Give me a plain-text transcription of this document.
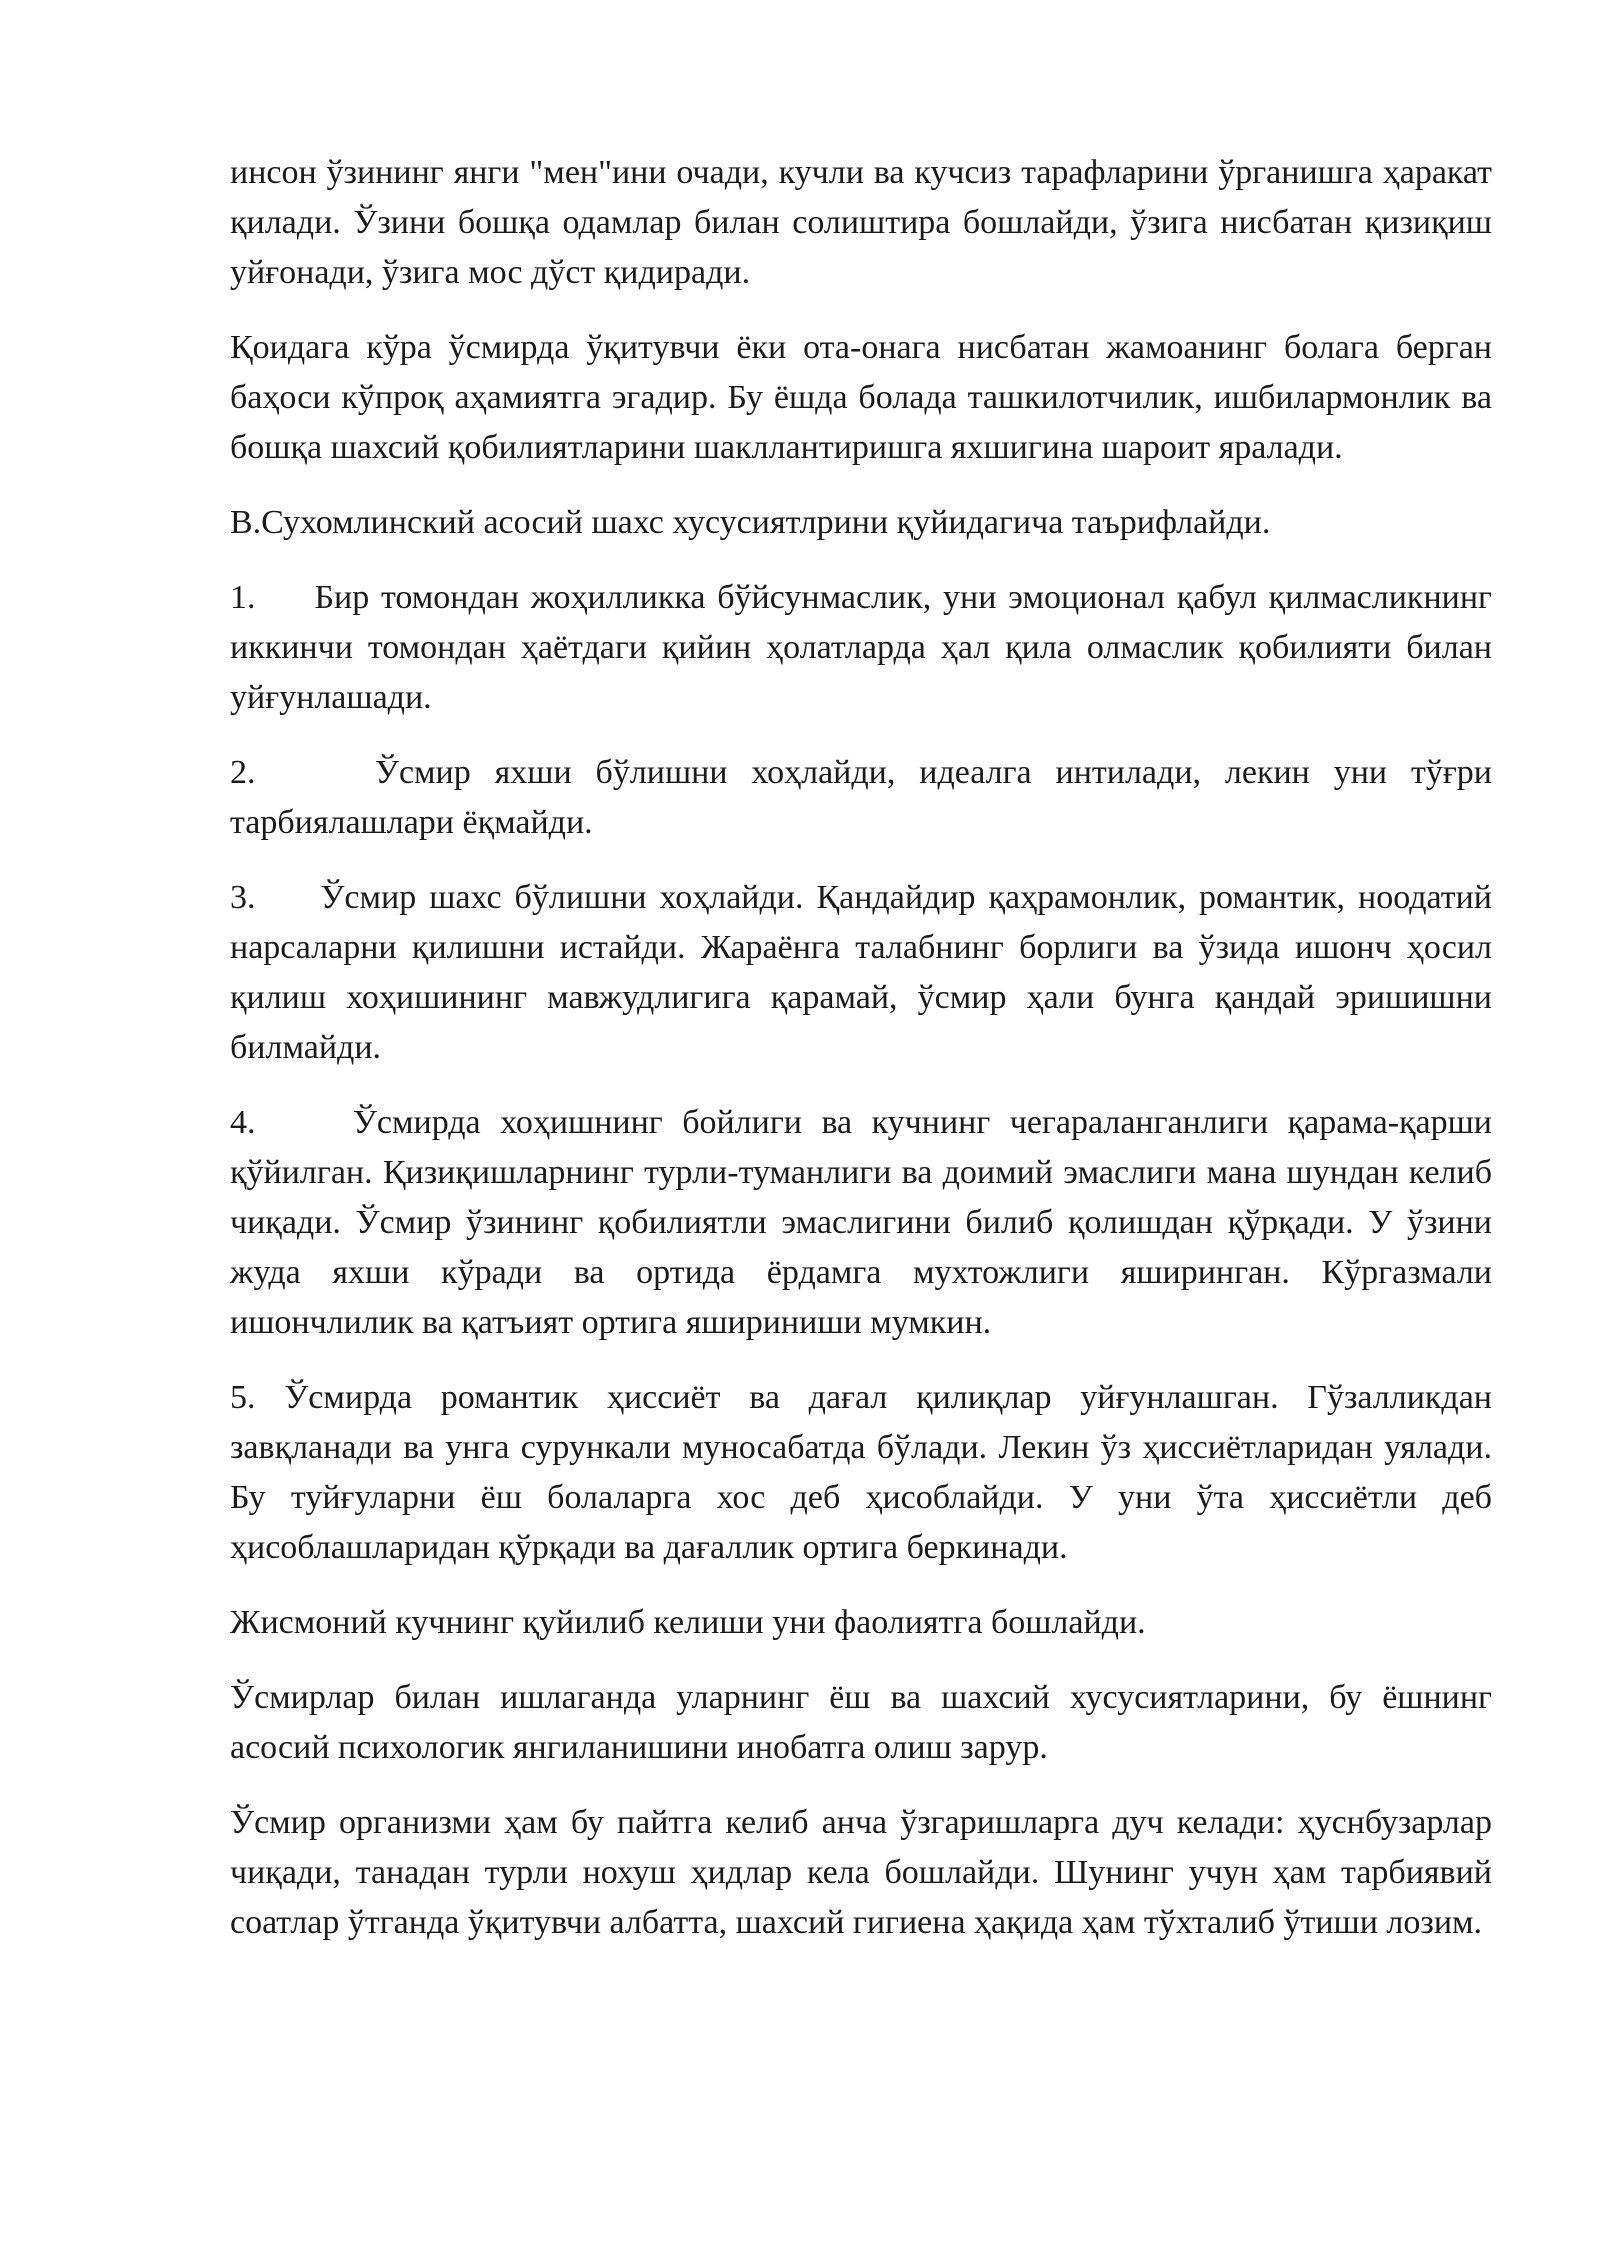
инсон ўзининг янги "мен"ини очади, кучли ва кучсиз тарафларини ўрганишга ҳаракат қилади. Ўзини бошқа одамлар билан солиштира бошлайди, ўзига нисбатан қизиқиш уйғонади, ўзига мос дўст қидиради.

Қоидага кўра ўсмирда ўқитувчи ёки ота-онага нисбатан жамоанинг болага берган баҳоси кўпроқ аҳамиятга эгадир. Бу ёшда болада ташкилотчилик, ишбилармонлик ва бошқа шахсий қобилиятларини шакллантиришга яхшигина шароит яралади.

В.Сухомлинский асосий шахс хусусиятлрини қуйидагича таърифлайди.

1.     Бир томондан жоҳилликка бўйсунмаслик, уни эмоционал қабул қилмасликнинг иккинчи томондан ҳаётдаги қийин ҳолатларда ҳал қила олмаслик қобилияти билан уйғунлашади.

2.     Ўсмир яхши бўлишни хоҳлайди, идеалга интилади, лекин уни тўғри тарбиялашлари ёқмайди.

3.     Ўсмир шахс бўлишни хоҳлайди. Қандайдир қаҳрамонлик, романтик, ноодатий нарсаларни қилишни истайди. Жараёнга талабнинг борлиги ва ўзида ишонч ҳосил қилиш хоҳишининг мавжудлигига қарамай, ўсмир ҳали бунга қандай эришишни билмайди.

4.     Ўсмирда хоҳишнинг бойлиги ва кучнинг чегараланганлиги қарама-қарши қўйилган. Қизиқишларнинг турли-туманлиги ва доимий эмаслиги мана шундан келиб чиқади. Ўсмир ўзининг қобилиятли эмаслигини билиб қолишдан қўрқади. У ўзини жуда яхши кўради ва ортида ёрдамга мухтожлиги яширинган. Кўргазмали ишончлилик ва қатъият ортига яшириниши мумкин.

5. Ўсмирда романтик ҳиссиёт ва дағал қилиқлар уйғунлашган. Гўзалликдан завқланади ва унга сурункали муносабатда бўлади. Лекин ўз ҳиссиётларидан уялади. Бу туйғуларни ёш болаларга хос деб ҳисоблайди. У уни ўта ҳиссиётли деб ҳисоблашларидан қўрқади ва дағаллик ортига беркинади.

Жисмоний кучнинг қуйилиб келиши уни фаолиятга бошлайди.

Ўсмирлар билан ишлаганда уларнинг ёш ва шахсий хусусиятларини, бу ёшнинг асосий психологик янгиланишини инобатга олиш зарур.

Ўсмир организми ҳам бу пайтга келиб анча ўзгаришларга дуч келади: ҳуснбузарлар чиқади, танадан турли нохуш ҳидлар кела бошлайди. Шунинг учун ҳам тарбиявий соатлар ўтганда ўқитувчи албатта, шахсий гигиена ҳақида ҳам тўхталиб ўтиши лозим.
